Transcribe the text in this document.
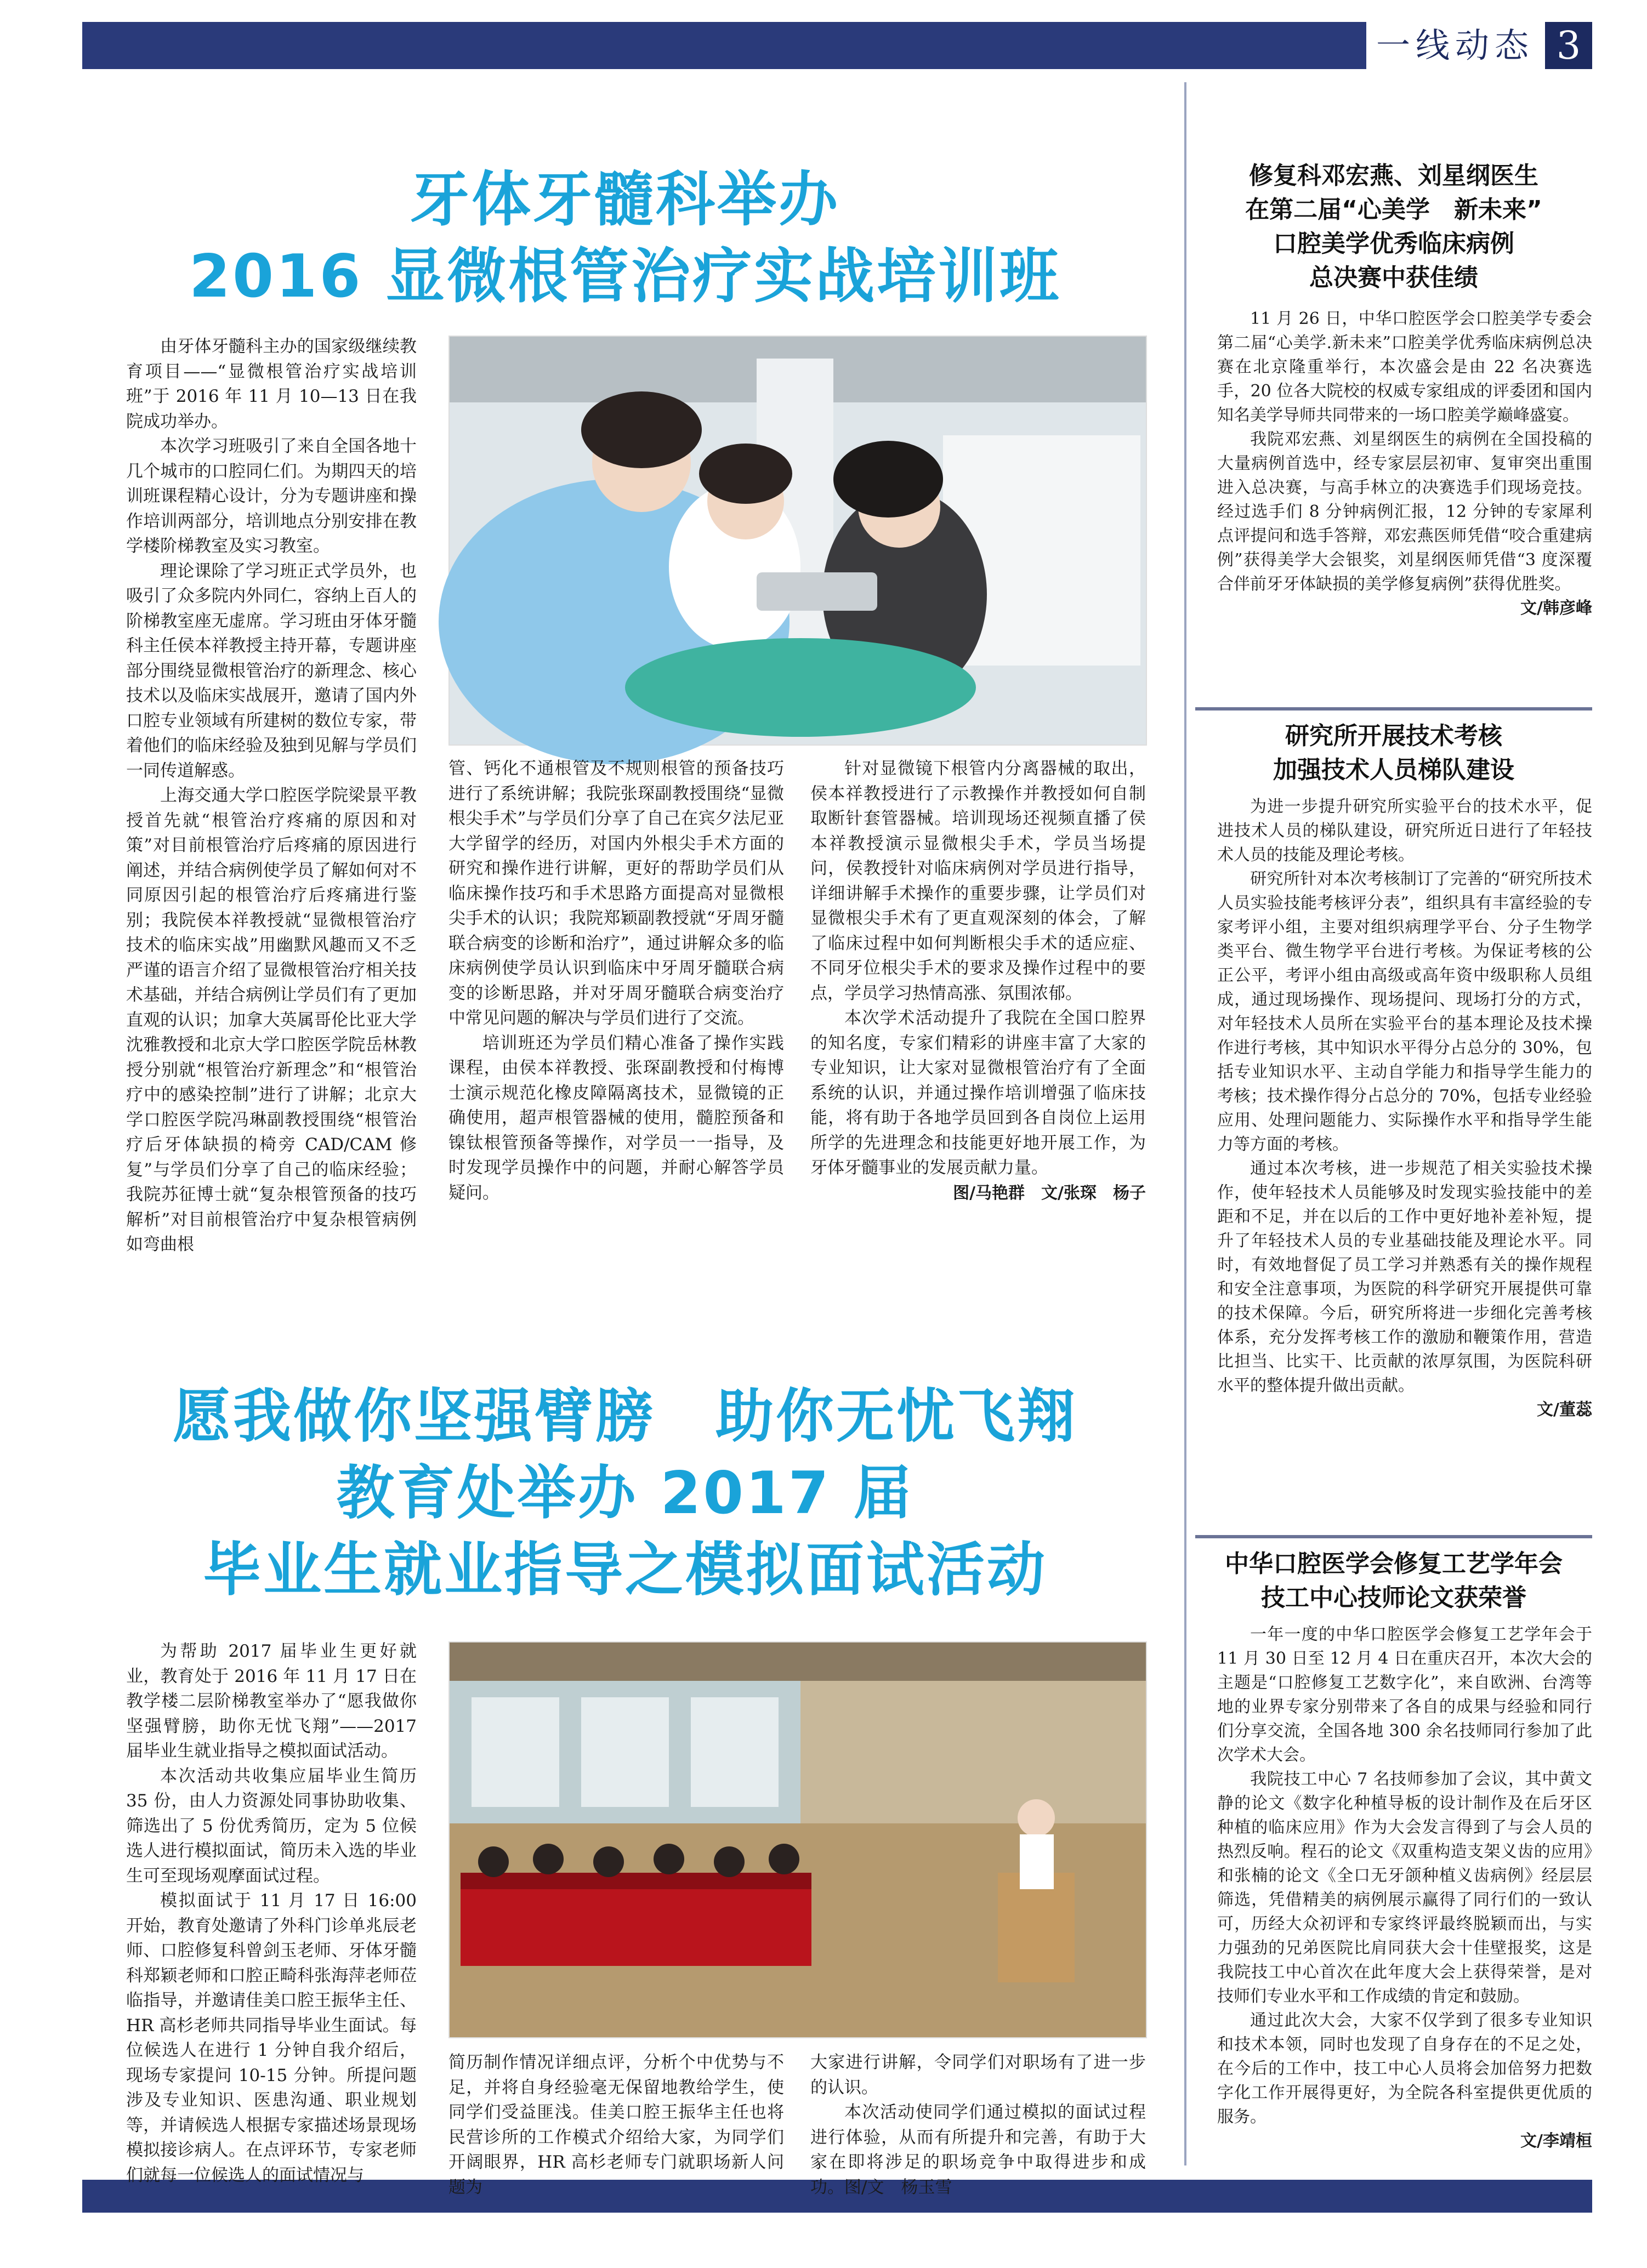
一线动态 3
牙体牙髓科举办
2016 显微根管治疗实战培训班

由牙体牙髓科主办的国家级继续教育项目——“显微根管治疗实战培训班”于 2016 年 11 月 10—13 日在我院成功举办。

本次学习班吸引了来自全国各地十几个城市的口腔同仁们。为期四天的培训班课程精心设计，分为专题讲座和操作培训两部分，培训地点分别安排在教学楼阶梯教室及实习教室。

理论课除了学习班正式学员外，也吸引了众多院内外同仁，容纳上百人的阶梯教室座无虚席。学习班由牙体牙髓科主任侯本祥教授主持开幕，专题讲座部分围绕显微根管治疗的新理念、核心技术以及临床实战展开，邀请了国内外口腔专业领域有所建树的数位专家，带着他们的临床经验及独到见解与学员们一同传道解惑。

上海交通大学口腔医学院梁景平教授首先就“根管治疗疼痛的原因和对策”对目前根管治疗后疼痛的原因进行阐述，并结合病例使学员了解如何对不同原因引起的根管治疗后疼痛进行鉴别；我院侯本祥教授就“显微根管治疗技术的临床实战”用幽默风趣而又不乏严谨的语言介绍了显微根管治疗相关技术基础，并结合病例让学员们有了更加直观的认识；加拿大英属哥伦比亚大学沈雅教授和北京大学口腔医学院岳林教授分别就“根管治疗新理念”和“根管治疗中的感染控制”进行了讲解；北京大学口腔医学院冯琳副教授围绕“根管治疗后牙体缺损的椅旁 CAD/CAM 修复”与学员们分享了自己的临床经验；我院苏征博士就“复杂根管预备的技巧解析”对目前根管治疗中复杂根管病例如弯曲根

管、钙化不通根管及不规则根管的预备技巧进行了系统讲解；我院张琛副教授围绕“显微根尖手术”与学员们分享了自己在宾夕法尼亚大学留学的经历，对国内外根尖手术方面的研究和操作进行讲解，更好的帮助学员们从临床操作技巧和手术思路方面提高对显微根尖手术的认识；我院郑颖副教授就“牙周牙髓联合病变的诊断和治疗”，通过讲解众多的临床病例使学员认识到临床中牙周牙髓联合病变的诊断思路，并对牙周牙髓联合病变治疗中常见问题的解决与学员们进行了交流。

培训班还为学员们精心准备了操作实践课程，由侯本祥教授、张琛副教授和付梅博士演示规范化橡皮障隔离技术，显微镜的正确使用，超声根管器械的使用，髓腔预备和镍钛根管预备等操作，对学员一一指导，及时发现学员操作中的问题，并耐心解答学员疑问。

针对显微镜下根管内分离器械的取出，侯本祥教授进行了示教操作并教授如何自制取断针套管器械。培训现场还视频直播了侯本祥教授演示显微根尖手术，学员当场提问，侯教授针对临床病例对学员进行指导，详细讲解手术操作的重要步骤，让学员们对显微根尖手术有了更直观深刻的体会，了解了临床过程中如何判断根尖手术的适应症、不同牙位根尖手术的要求及操作过程中的要点，学员学习热情高涨、氛围浓郁。

本次学术活动提升了我院在全国口腔界的知名度，专家们精彩的讲座丰富了大家的专业知识，让大家对显微根管治疗有了全面系统的认识，并通过操作培训增强了临床技能，将有助于各地学员回到各自岗位上运用所学的先进理念和技能更好地开展工作，为牙体牙髓事业的发展贡献力量。

图/马艳群　文/张琛　杨子

愿我做你坚强臂膀　助你无忧飞翔
教育处举办 2017 届
毕业生就业指导之模拟面试活动

为帮助 2017 届毕业生更好就业，教育处于 2016 年 11 月 17 日在教学楼二层阶梯教室举办了“愿我做你坚强臂膀，助你无忧飞翔”——2017 届毕业生就业指导之模拟面试活动。

本次活动共收集应届毕业生简历 35 份，由人力资源处同事协助收集、筛选出了 5 份优秀简历，定为 5 位候选人进行模拟面试，简历未入选的毕业生可至现场观摩面试过程。

模拟面试于 11 月 17 日 16:00 开始，教育处邀请了外科门诊单兆辰老师、口腔修复科曾剑玉老师、牙体牙髓科郑颖老师和口腔正畸科张海萍老师莅临指导，并邀请佳美口腔王振华主任、HR 高杉老师共同指导毕业生面试。每位候选人在进行 1 分钟自我介绍后，现场专家提问 10-15 分钟。所提问题涉及专业知识、医患沟通、职业规划等，并请候选人根据专家描述场景现场模拟接诊病人。在点评环节，专家老师们就每一位候选人的面试情况与

简历制作情况详细点评，分析个中优势与不足，并将自身经验毫无保留地教给学生，使同学们受益匪浅。佳美口腔王振华主任也将民营诊所的工作模式介绍给大家，为同学们开阔眼界，HR 高杉老师专门就职场新人问题为

大家进行讲解，令同学们对职场有了进一步的认识。

本次活动使同学们通过模拟的面试过程进行体验，从而有所提升和完善，有助于大家在即将涉足的职场竞争中取得进步和成功。图/文　杨玉雪

修复科邓宏燕、刘星纲医生
在第二届“心美学　新未来”
口腔美学优秀临床病例
总决赛中获佳绩

11 月 26 日，中华口腔医学会口腔美学专委会第二届“心美学.新未来”口腔美学优秀临床病例总决赛在北京隆重举行，本次盛会是由 22 名决赛选手，20 位各大院校的权威专家组成的评委团和国内知名美学导师共同带来的一场口腔美学巅峰盛宴。

我院邓宏燕、刘星纲医生的病例在全国投稿的大量病例首选中，经专家层层初审、复审突出重围进入总决赛，与高手林立的决赛选手们现场竞技。经过选手们 8 分钟病例汇报，12 分钟的专家犀利点评提问和选手答辩，邓宏燕医师凭借“咬合重建病例”获得美学大会银奖，刘星纲医师凭借“3 度深覆合伴前牙牙体缺损的美学修复病例”获得优胜奖。

文/韩彦峰

研究所开展技术考核
加强技术人员梯队建设

为进一步提升研究所实验平台的技术水平，促进技术人员的梯队建设，研究所近日进行了年轻技术人员的技能及理论考核。

研究所针对本次考核制订了完善的“研究所技术人员实验技能考核评分表”，组织具有丰富经验的专家考评小组，主要对组织病理学平台、分子生物学类平台、微生物学平台进行考核。为保证考核的公正公平，考评小组由高级或高年资中级职称人员组成，通过现场操作、现场提问、现场打分的方式，对年轻技术人员所在实验平台的基本理论及技术操作进行考核，其中知识水平得分占总分的 30%，包括专业知识水平、主动自学能力和指导学生能力的考核；技术操作得分占总分的 70%，包括专业经验应用、处理问题能力、实际操作水平和指导学生能力等方面的考核。

通过本次考核，进一步规范了相关实验技术操作，使年轻技术人员能够及时发现实验技能中的差距和不足，并在以后的工作中更好地补差补短，提升了年轻技术人员的专业基础技能及理论水平。同时，有效地督促了员工学习并熟悉有关的操作规程和安全注意事项，为医院的科学研究开展提供可靠的技术保障。今后，研究所将进一步细化完善考核体系，充分发挥考核工作的激励和鞭策作用，营造比担当、比实干、比贡献的浓厚氛围，为医院科研水平的整体提升做出贡献。

文/董蕊

中华口腔医学会修复工艺学年会
技工中心技师论文获荣誉

一年一度的中华口腔医学会修复工艺学年会于 11 月 30 日至 12 月 4 日在重庆召开，本次大会的主题是“口腔修复工艺数字化”，来自欧洲、台湾等地的业界专家分别带来了各自的成果与经验和同行们分享交流，全国各地 300 余名技师同行参加了此次学术大会。

我院技工中心 7 名技师参加了会议，其中黄文静的论文《数字化种植导板的设计制作及在后牙区种植的临床应用》作为大会发言得到了与会人员的热烈反响。程石的论文《双重构造支架义齿的应用》和张楠的论文《全口无牙颌种植义齿病例》经层层筛选，凭借精美的病例展示赢得了同行们的一致认可，历经大众初评和专家终评最终脱颖而出，与实力强劲的兄弟医院比肩同获大会十佳壁报奖，这是我院技工中心首次在此年度大会上获得荣誉，是对技师们专业水平和工作成绩的肯定和鼓励。

通过此次大会，大家不仅学到了很多专业知识和技术本领，同时也发现了自身存在的不足之处，在今后的工作中，技工中心人员将会加倍努力把数字化工作开展得更好，为全院各科室提供更优质的服务。

文/李靖桓
